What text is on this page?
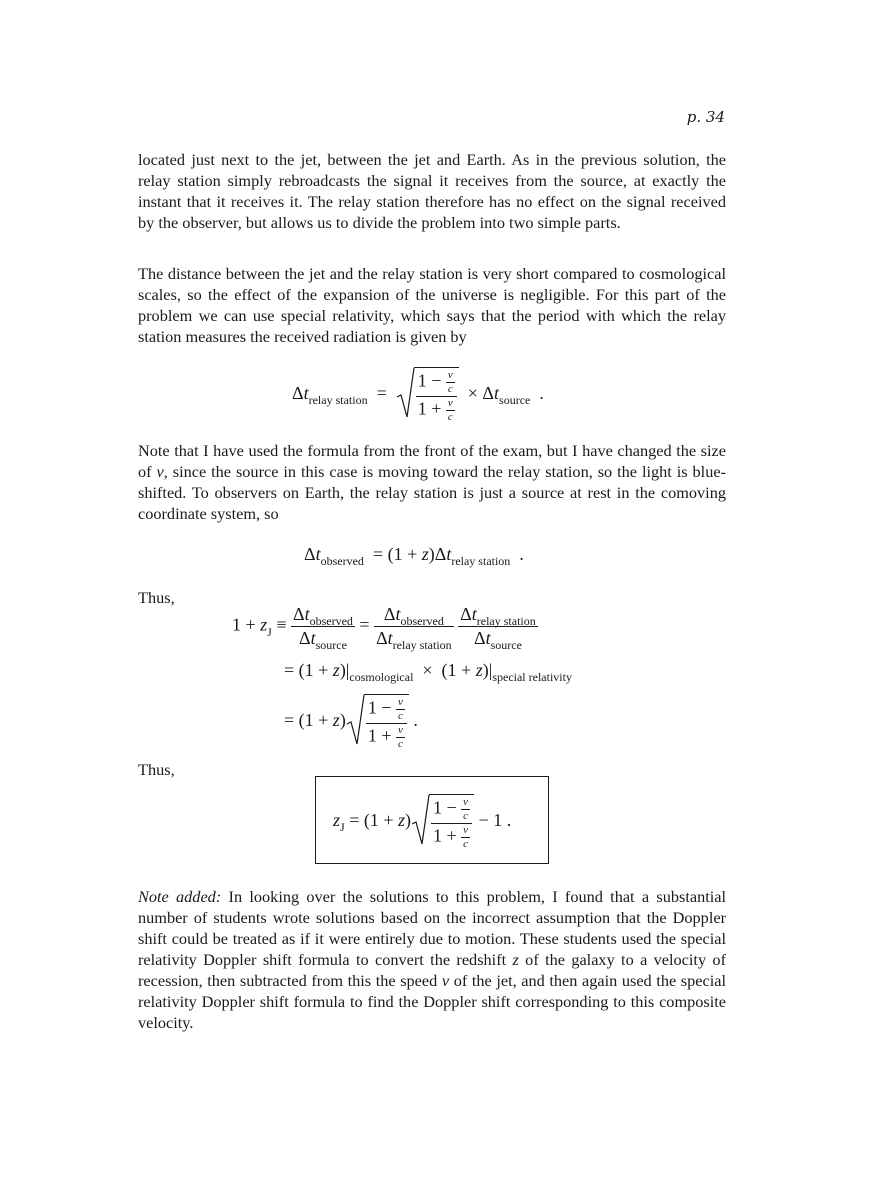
p. 34
located just next to the jet, between the jet and Earth. As in the previous solution, the relay station simply rebroadcasts the signal it receives from the source, at exactly the instant that it receives it. The relay station therefore has no effect on the signal received by the observer, but allows us to divide the problem into two simple parts.
The distance between the jet and the relay station is very short compared to cosmological scales, so the effect of the expansion of the universe is negligible. For this part of the problem we can use special relativity, which says that the period with which the relay station measures the received radiation is given by
$\Delta t_{relay station} = \frac{1 - \frac{v}{c}}{1 + \frac{v}{c}} \times \Delta t_{source}$  .
Note that I have used the formula from the front of the exam, but I have changed the size of v, since the source in this case is moving toward the relay station, so the light is blue-shifted. To observers on Earth, the relay station is just a source at rest in the comoving coordinate system, so
$\Delta t_{observed} = (1 + z)\Delta t_{relay station}$  .
Thus,
$1 + z_J \equiv \frac{\Delta t_{observed}}{\Delta t_{source}} = \frac{\Delta t_{observed}}{\Delta t_{relay station}}$
$\frac{\Delta t_{relay station}}{\Delta t_{source}}$
= $(1 + z)|_{cosmological} \times (1 + z)|_{special relativity}$
= $(1 + z) \frac{1 - \frac{v}{c}}{1 + \frac{v}{c}}$ .
Thus,
$z_J = (1 + z) \frac{1 - \frac{v}{c}}{1 + \frac{v}{c}} - 1$ .
Note added: In looking over the solutions to this problem, I found that a substantial number of students wrote solutions based on the incorrect assumption that the Doppler shift could be treated as if it were entirely due to motion. These students used the special relativity Doppler shift formula to convert the redshift z of the galaxy to a velocity of recession, then subtracted from this the speed v of the jet, and then again used the special relativity Doppler shift formula to find the Doppler shift corresponding to this composite velocity.
